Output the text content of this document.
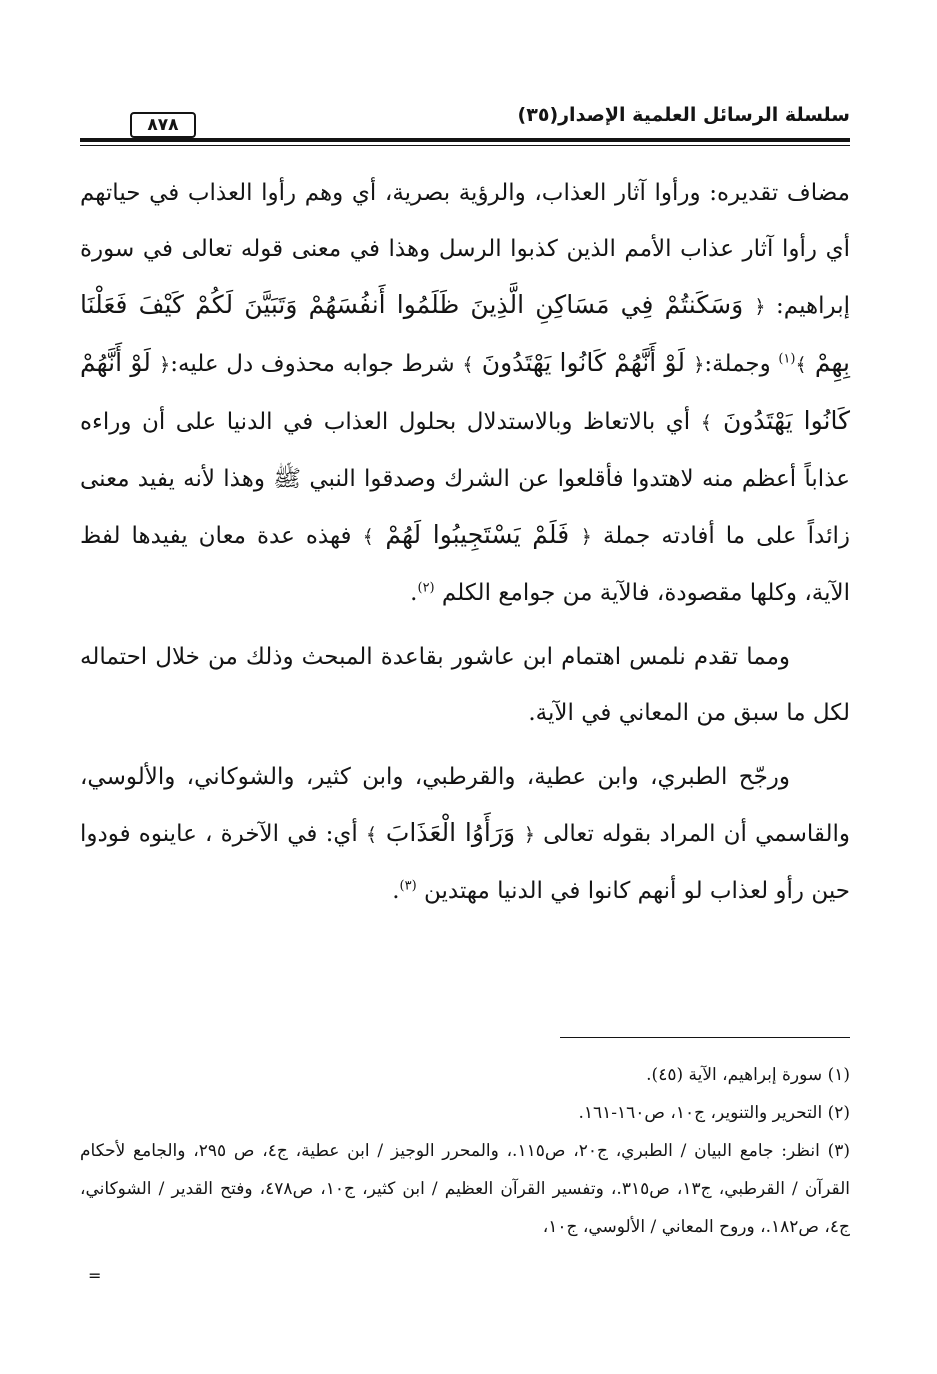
سلسلة الرسائل العلمية الإصدار(٣٥)
٨٧٨

مضاف تقديره: ورأوا آثار العذاب، والرؤية بصرية، أي وهم رأوا العذاب في حياتهم أي رأوا آثار عذاب الأمم الذين كذبوا الرسل وهذا في معنى قوله تعالى في سورة إبراهيم: ﴿ وَسَكَنتُمْ فِي مَسَاكِنِ الَّذِينَ ظَلَمُوا أَنفُسَهُمْ وَتَبَيَّنَ لَكُمْ كَيْفَ فَعَلْنَا بِهِمْ ﴾$^{(١)}$ وجملة:﴿ لَوْ أَنَّهُمْ كَانُوا يَهْتَدُونَ ﴾ شرط جوابه محذوف دل عليه:﴿ لَوْ أَنَّهُمْ كَانُوا يَهْتَدُونَ ﴾ أي بالاتعاظ وبالاستدلال بحلول العذاب في الدنيا على أن وراءه عذاباً أعظم منه لاهتدوا فأقلعوا عن الشرك وصدقوا النبي ﷺ وهذا لأنه يفيد معنى زائداً على ما أفادته جملة ﴿ فَلَمْ يَسْتَجِيبُوا لَهُمْ ﴾ فهذه عدة معان يفيدها لفظ الآية، وكلها مقصودة، فالآية من جوامع الكلم $^{(٢)}$.

ومما تقدم نلمس اهتمام ابن عاشور بقاعدة المبحث وذلك من خلال احتماله لكل ما سبق من المعاني في الآية.

ورجّح الطبري، وابن عطية، والقرطبي، وابن كثير، والشوكاني، والألوسي، والقاسمي أن المراد بقوله تعالى ﴿ وَرَأَوُا الْعَذَابَ ﴾ أي: في الآخرة ، عاينوه فودوا حين رأو لعذاب لو أنهم كانوا في الدنيا مهتدين $^{(٣)}$.

(١) سورة إبراهيم، الآية (٤٥).

(٢) التحرير والتنوير، ج١٠، ص١٦٠-١٦١.

(٣) انظر: جامع البيان / الطبري، ج٢٠، ص١١٥.، والمحرر الوجيز / ابن عطية، ج٤، ص ٢٩٥، والجامع لأحكام القرآن / القرطبي، ج١٣، ص٣١٥.، وتفسير القرآن العظيم / ابن كثير، ج١٠، ص٤٧٨، وفتح القدير / الشوكاني، ج٤، ص١٨٢.، وروح المعاني / الألوسي، ج١٠،

=
